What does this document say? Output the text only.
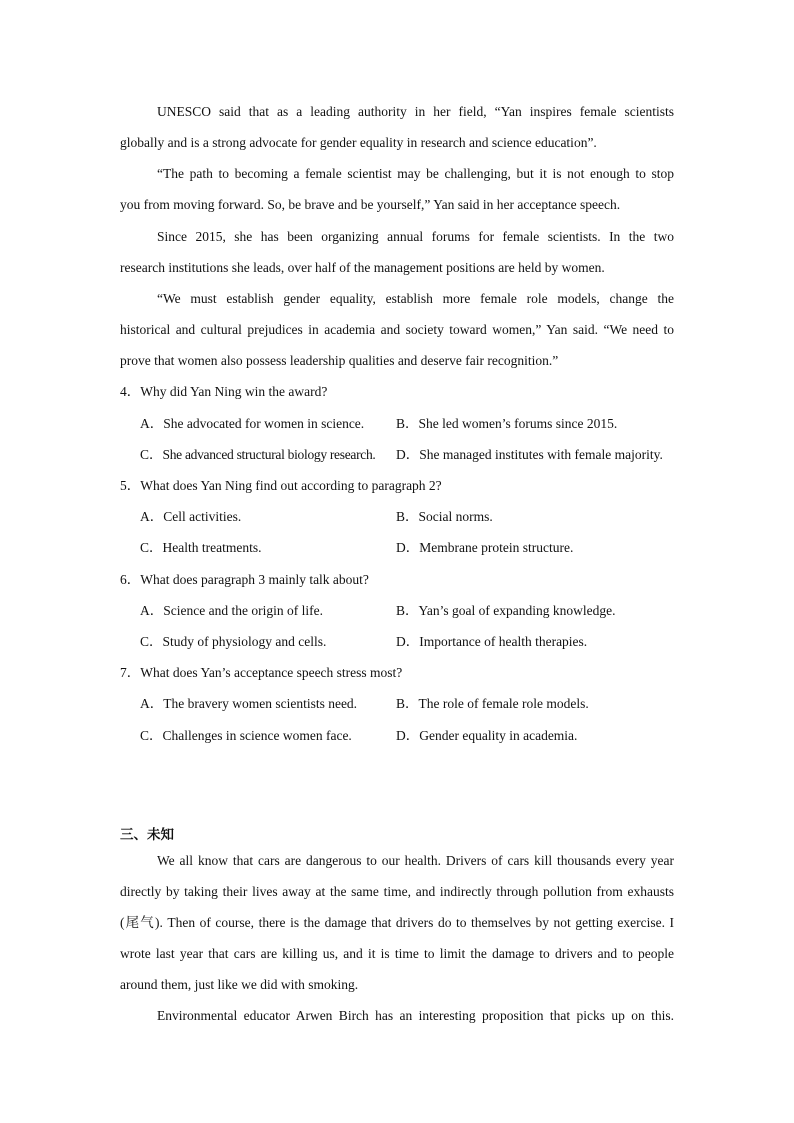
UNESCO said that as a leading authority in her field, “Yan inspires female scientists
globally and is a strong advocate for gender equality in research and science education”.
“The path to becoming a female scientist may be challenging, but it is not enough to stop
you from moving forward. So, be brave and be yourself,” Yan said in her acceptance speech.
Since 2015, she has been organizing annual forums for female scientists. In the two
research institutions she leads, over half of the management positions are held by women.
“We must establish gender equality, establish more female role models, change the
historical and cultural prejudices in academia and society toward women,” Yan said. “We need to
prove that women also possess leadership qualities and deserve fair recognition.”
4．Why did Yan Ning win the award?
A．She advocated for women in science.	B．She led women’s forums since 2015.
C．She advanced structural biology research.	D．She managed institutes with female majority.
5．What does Yan Ning find out according to paragraph 2?
A．Cell activities.	B．Social norms.
C．Health treatments.	D．Membrane protein structure.
6．What does paragraph 3 mainly talk about?
A．Science and the origin of life.	B．Yan’s goal of expanding knowledge.
C．Study of physiology and cells.	D．Importance of health therapies.
7．What does Yan’s acceptance speech stress most?
A．The bravery women scientists need.	B．The role of female role models.
C．Challenges in science women face.	D．Gender equality in academia.
三、未知
We all know that cars are dangerous to our health. Drivers of cars kill thousands every year
directly by taking their lives away at the same time, and indirectly through pollution from exhausts
(尾气). Then of course, there is the damage that drivers do to themselves by not getting exercise. I
wrote last year that cars are killing us, and it is time to limit the damage to drivers and to people
around them, just like we did with smoking.
Environmental educator Arwen Birch has an interesting proposition that picks up on this.
